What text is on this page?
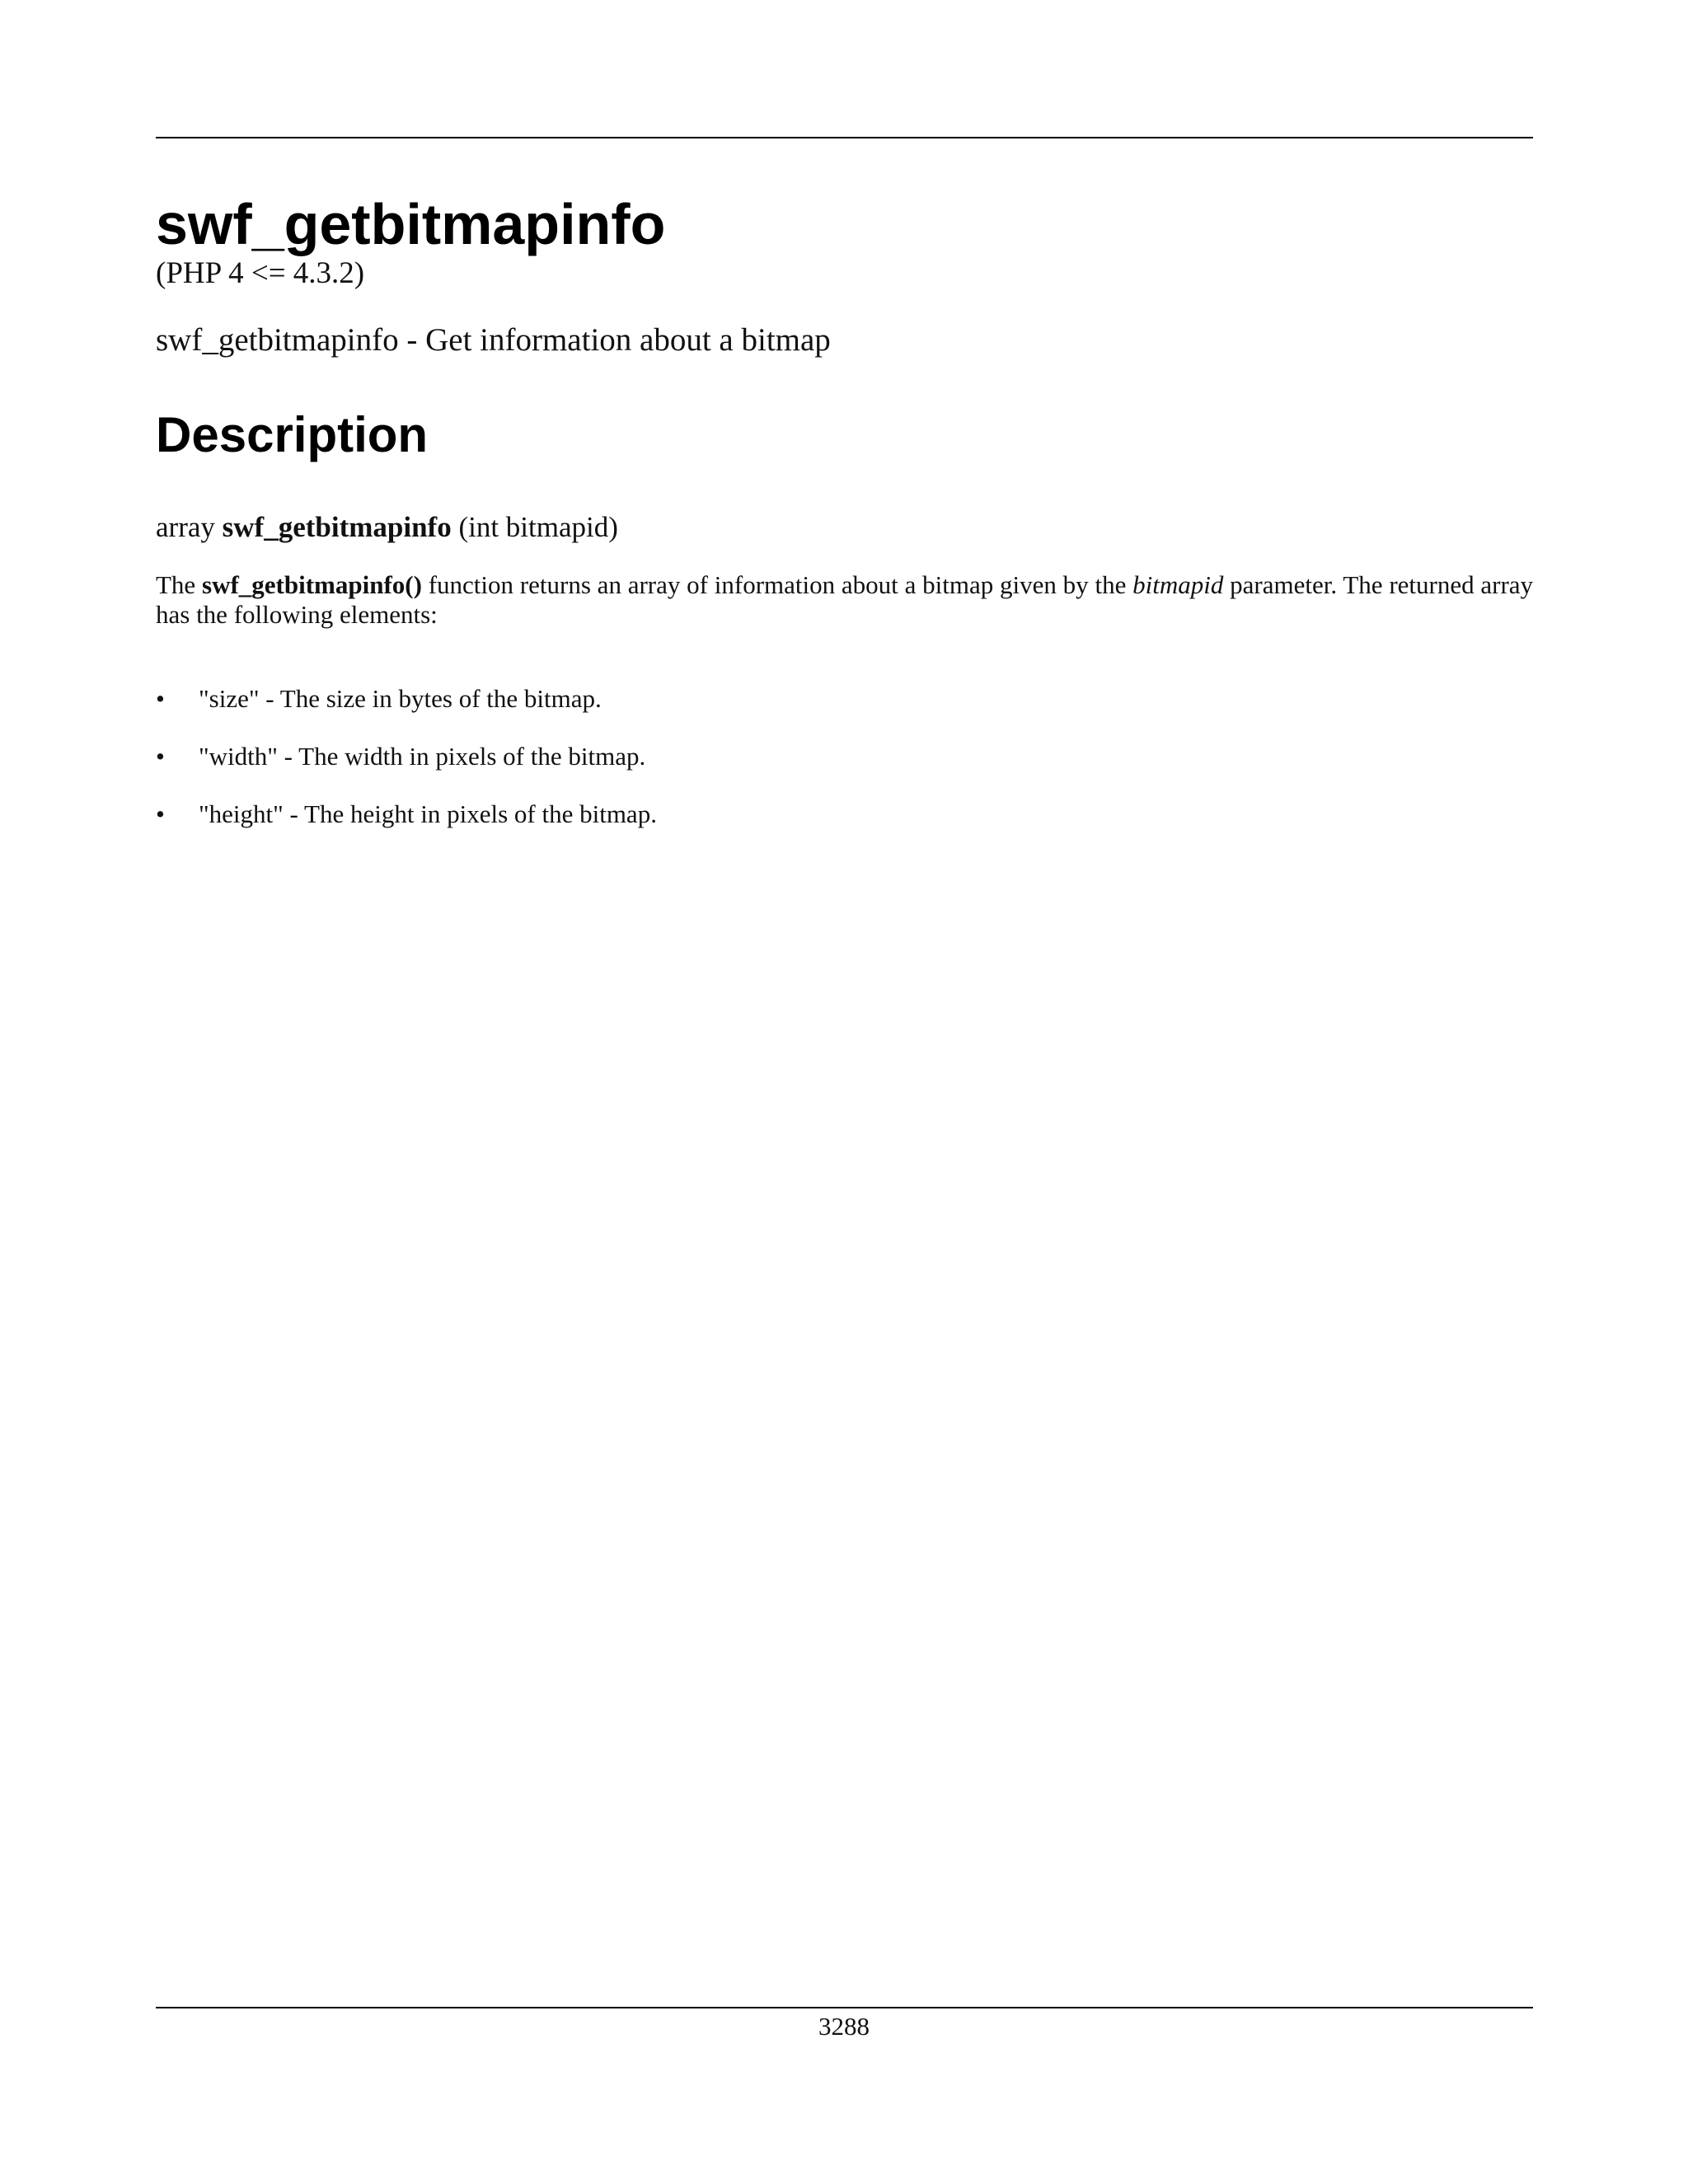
swf_getbitmapinfo
(PHP 4 <= 4.3.2)
swf_getbitmapinfo - Get information about a bitmap
Description
array swf_getbitmapinfo (int bitmapid)

The swf_getbitmapinfo() function returns an array of information about a bitmap given by the bitmapid parameter. The returned array has the following elements:

•	"size" - The size in bytes of the bitmap.
•	"width" - The width in pixels of the bitmap.
•	"height" - The height in pixels of the bitmap.
3288
